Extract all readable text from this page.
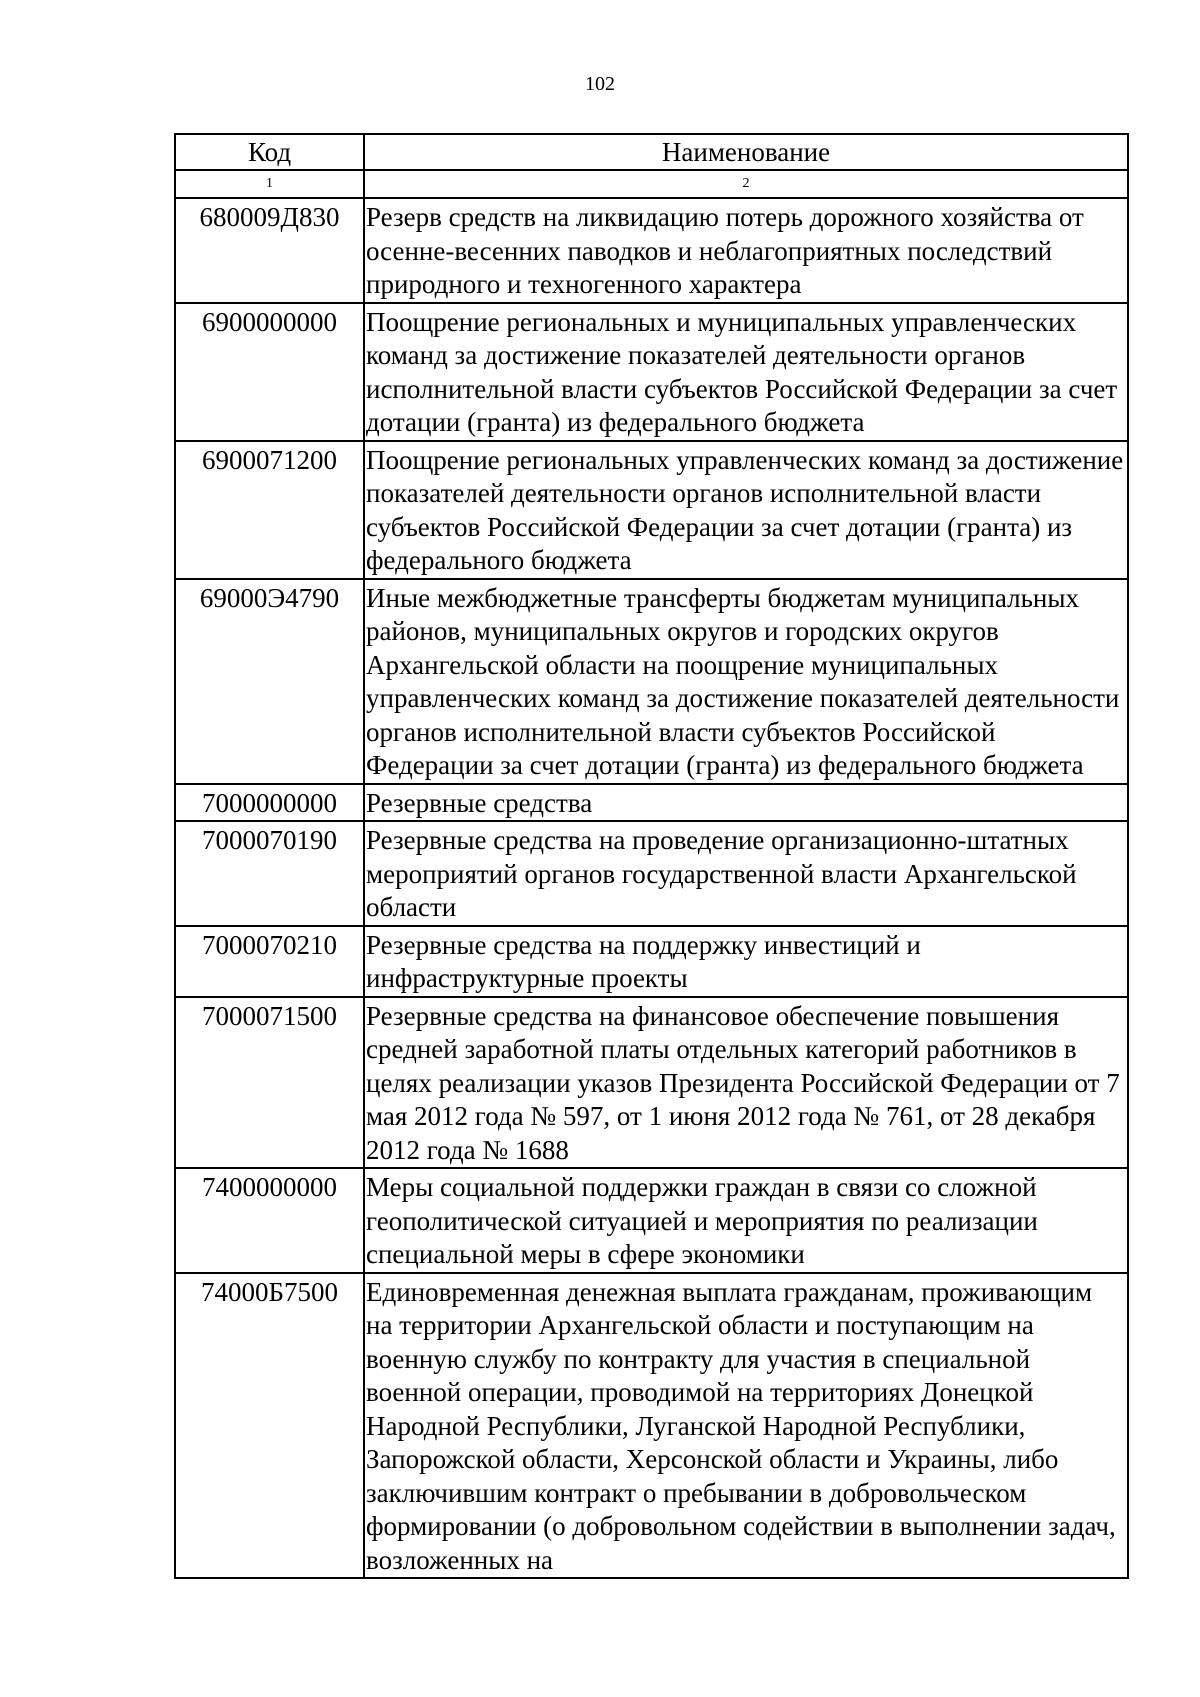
102
Код	Наименование
1	2
680009Д830	Резерв средств на ликвидацию потерь дорожного хозяйства от осенне-весенних паводков и неблагоприятных последствий природного и техногенного характера
6900000000	Поощрение региональных и муниципальных управленческих команд за достижение показателей деятельности органов исполнительной власти субъектов Российской Федерации за счет дотации (гранта) из федерального бюджета
6900071200	Поощрение региональных управленческих команд за достижение показателей деятельности органов исполнительной власти субъектов Российской Федерации за счет дотации (гранта) из федерального бюджета
69000Э4790	Иные межбюджетные трансферты бюджетам муниципальных районов, муниципальных округов и городских округов Архангельской области на поощрение муниципальных управленческих команд за достижение показателей деятельности органов исполнительной власти субъектов Российской Федерации за счет дотации (гранта) из федерального бюджета
7000000000	Резервные средства
7000070190	Резервные средства на проведение организационно-штатных мероприятий органов государственной власти Архангельской области
7000070210	Резервные средства на поддержку инвестиций и инфраструктурные проекты
7000071500	Резервные средства на финансовое обеспечение повышения средней заработной платы отдельных категорий работников в целях реализации указов Президента Российской Федерации от 7 мая 2012 года № 597, от 1 июня 2012 года № 761, от 28 декабря 2012 года № 1688
7400000000	Меры социальной поддержки граждан в связи со сложной геополитической ситуацией и мероприятия по реализации специальной меры в сфере экономики
74000Б7500	Единовременная денежная выплата гражданам, проживающим на территории Архангельской области и поступающим на военную службу по контракту для участия в специальной военной операции, проводимой на территориях Донецкой Народной Республики, Луганской Народной Республики, Запорожской области, Херсонской области и Украины, либо заключившим контракт о пребывании в добровольческом формировании (о добровольном содействии в выполнении задач, возложенных на
